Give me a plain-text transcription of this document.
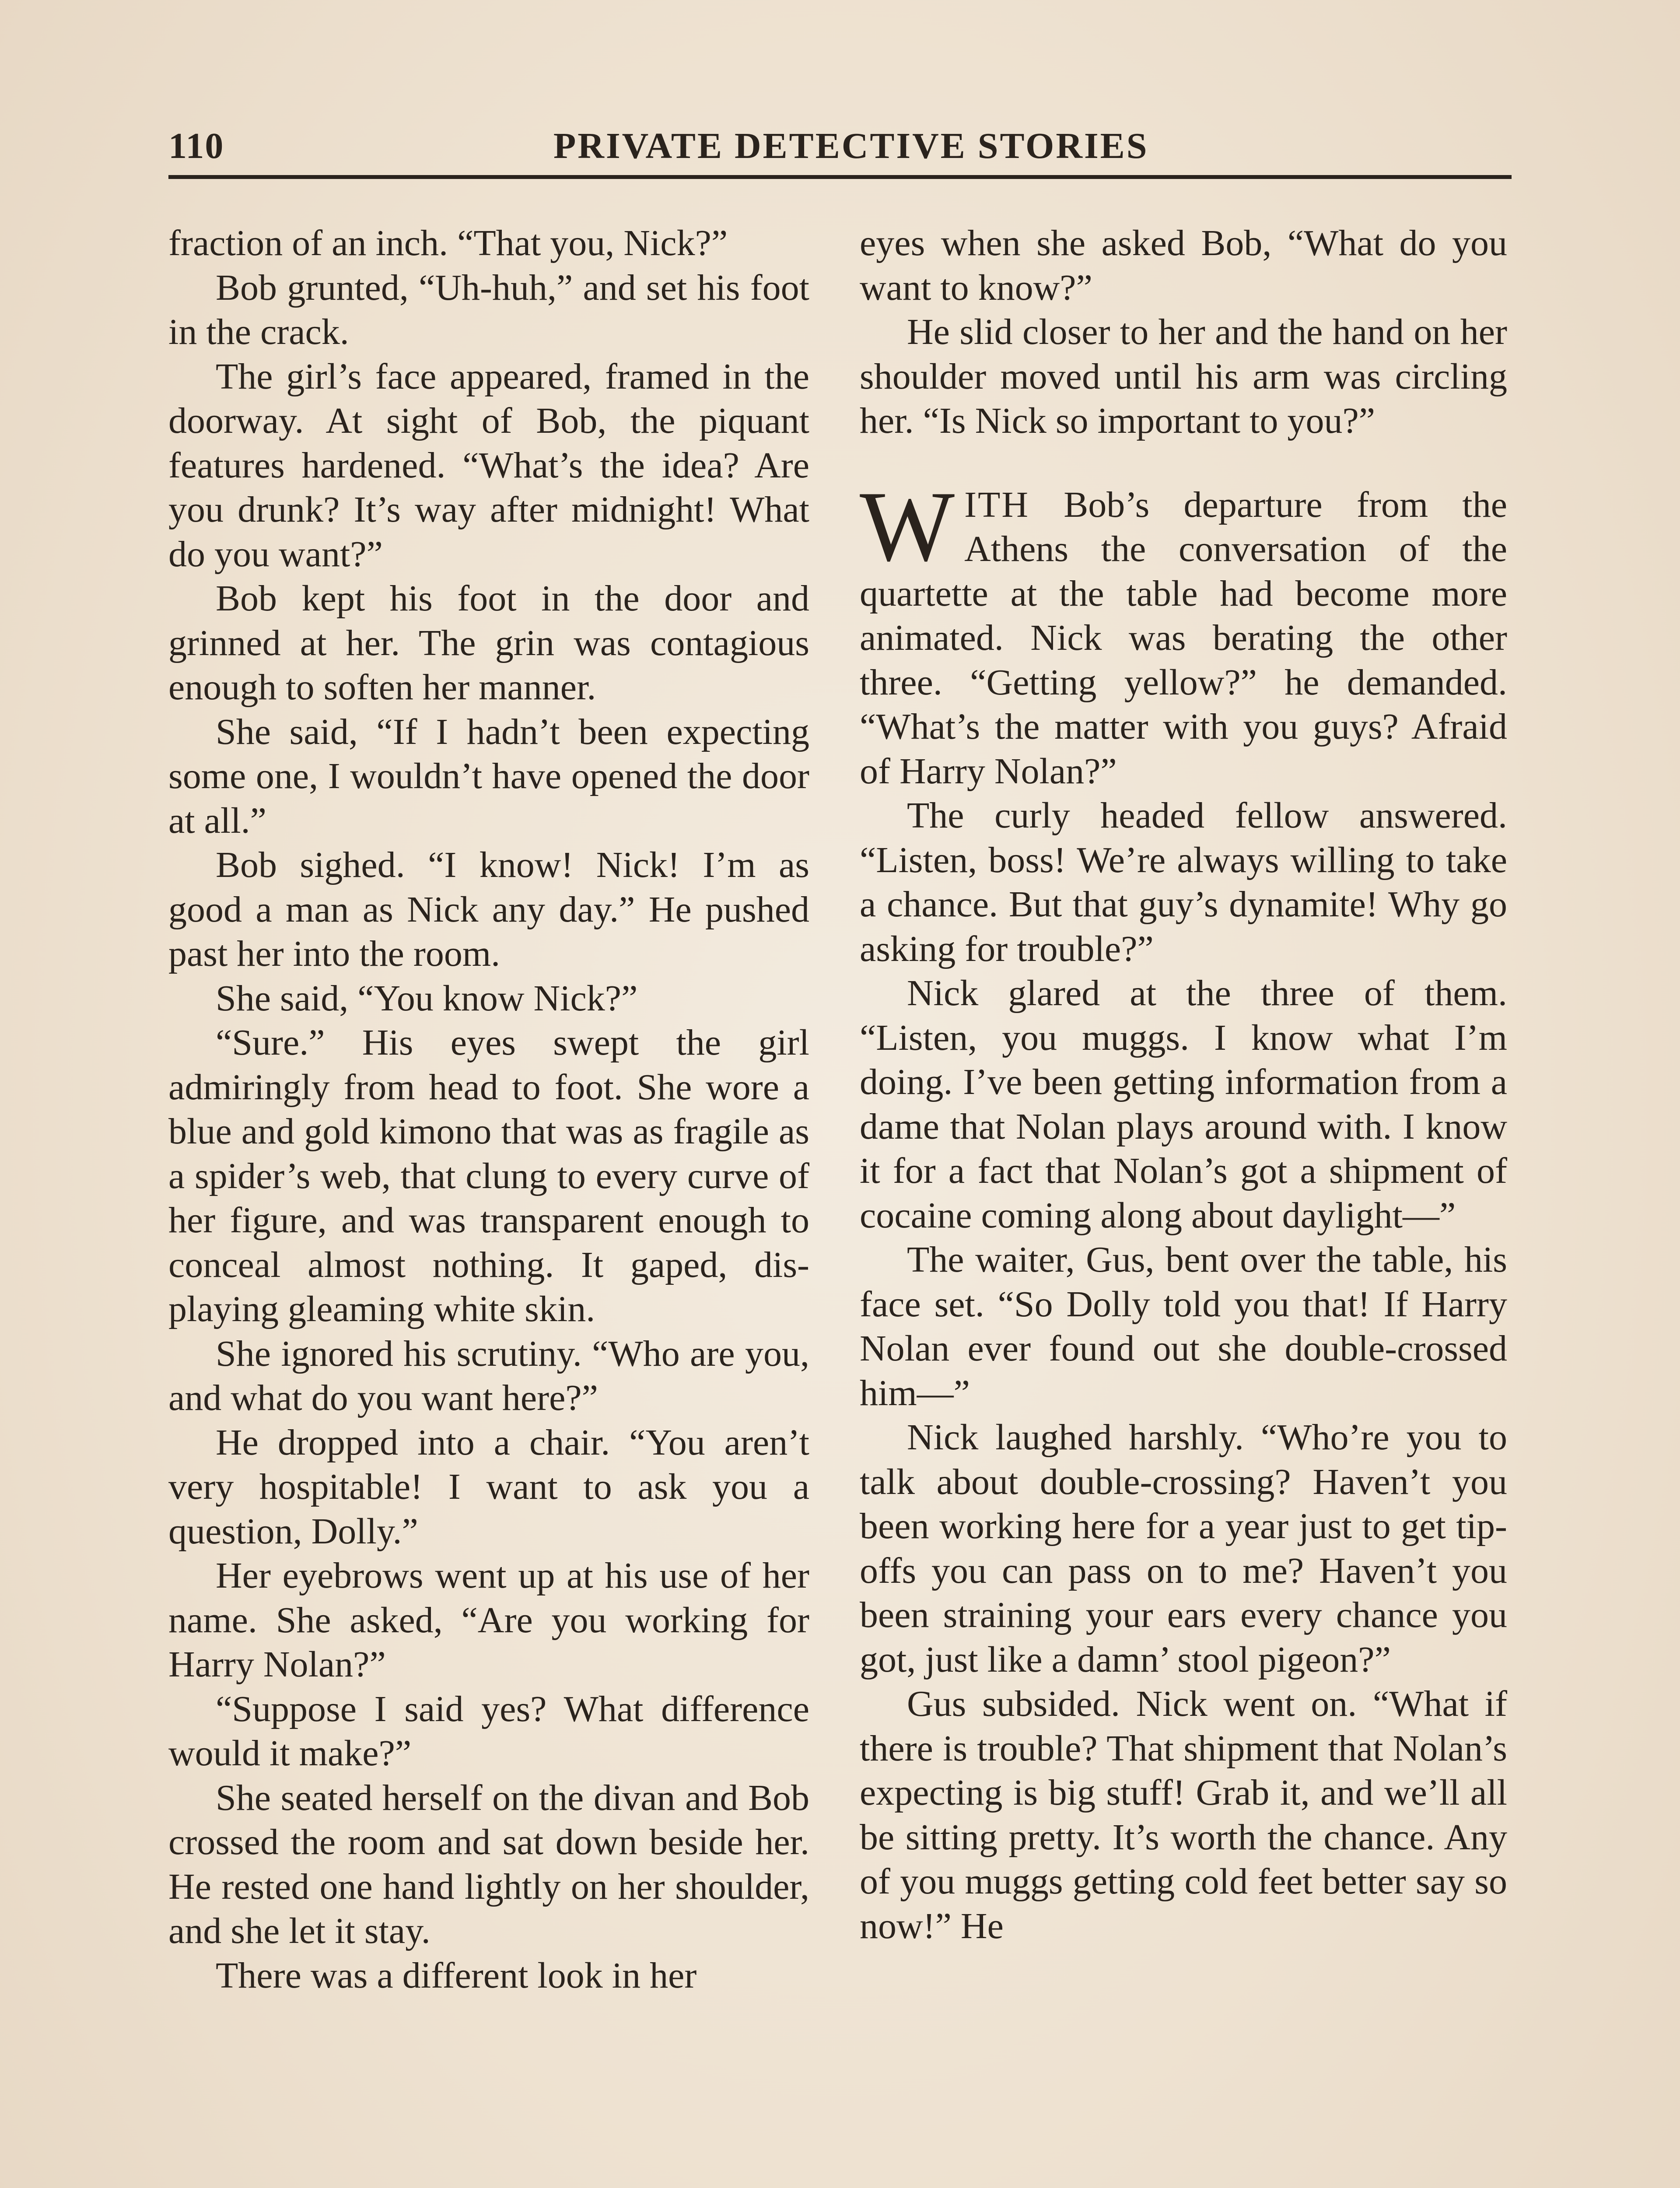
110	PRIVATE DETECTIVE STORIES

fraction of an inch. “That you, Nick?”

Bob grunted, “Uh-huh,” and set his foot in the crack.

The girl’s face appeared, framed in the doorway. At sight of Bob, the piquant features hardened. “What’s the idea? Are you drunk? It’s way after midnight! What do you want?”

Bob kept his foot in the door and grinned at her. The grin was contagious enough to soften her manner.

She said, “If I hadn’t been expecting some one, I wouldn’t have opened the door at all.”

Bob sighed. “I know! Nick! I’m as good a man as Nick any day.” He pushed past her into the room.

She said, “You know Nick?”

“Sure.” His eyes swept the girl admiringly from head to foot. She wore a blue and gold kimono that was as fragile as a spider’s web, that clung to every curve of her figure, and was transparent enough to conceal almost nothing. It gaped, displaying gleaming white skin.

She ignored his scrutiny. “Who are you, and what do you want here?”

He dropped into a chair. “You aren’t very hospitable! I want to ask you a question, Dolly.”

Her eyebrows went up at his use of her name. She asked, “Are you working for Harry Nolan?”

“Suppose I said yes? What difference would it make?”

She seated herself on the divan and Bob crossed the room and sat down beside her. He rested one hand lightly on her shoulder, and she let it stay.

There was a different look in her

eyes when she asked Bob, “What do you want to know?”

He slid closer to her and the hand on her shoulder moved until his arm was circling her. “Is Nick so important to you?”

WITH Bob’s departure from the Athens the conversation of the quartette at the table had become more animated. Nick was berating the other three. “Getting yellow?” he demanded. “What’s the matter with you guys? Afraid of Harry Nolan?”

The curly headed fellow answered. “Listen, boss! We’re always willing to take a chance. But that guy’s dynamite! Why go asking for trouble?”

Nick glared at the three of them. “Listen, you muggs. I know what I’m doing. I’ve been getting information from a dame that Nolan plays around with. I know it for a fact that Nolan’s got a shipment of cocaine coming along about daylight—”

The waiter, Gus, bent over the table, his face set. “So Dolly told you that! If Harry Nolan ever found out she double-crossed him—”

Nick laughed harshly. “Who’re you to talk about double-crossing? Haven’t you been working here for a year just to get tip-offs you can pass on to me? Haven’t you been straining your ears every chance you got, just like a damn’ stool pigeon?”

Gus subsided. Nick went on. “What if there is trouble? That shipment that Nolan’s expecting is big stuff! Grab it, and we’ll all be sitting pretty. It’s worth the chance. Any of you muggs getting cold feet better say so now!” He
